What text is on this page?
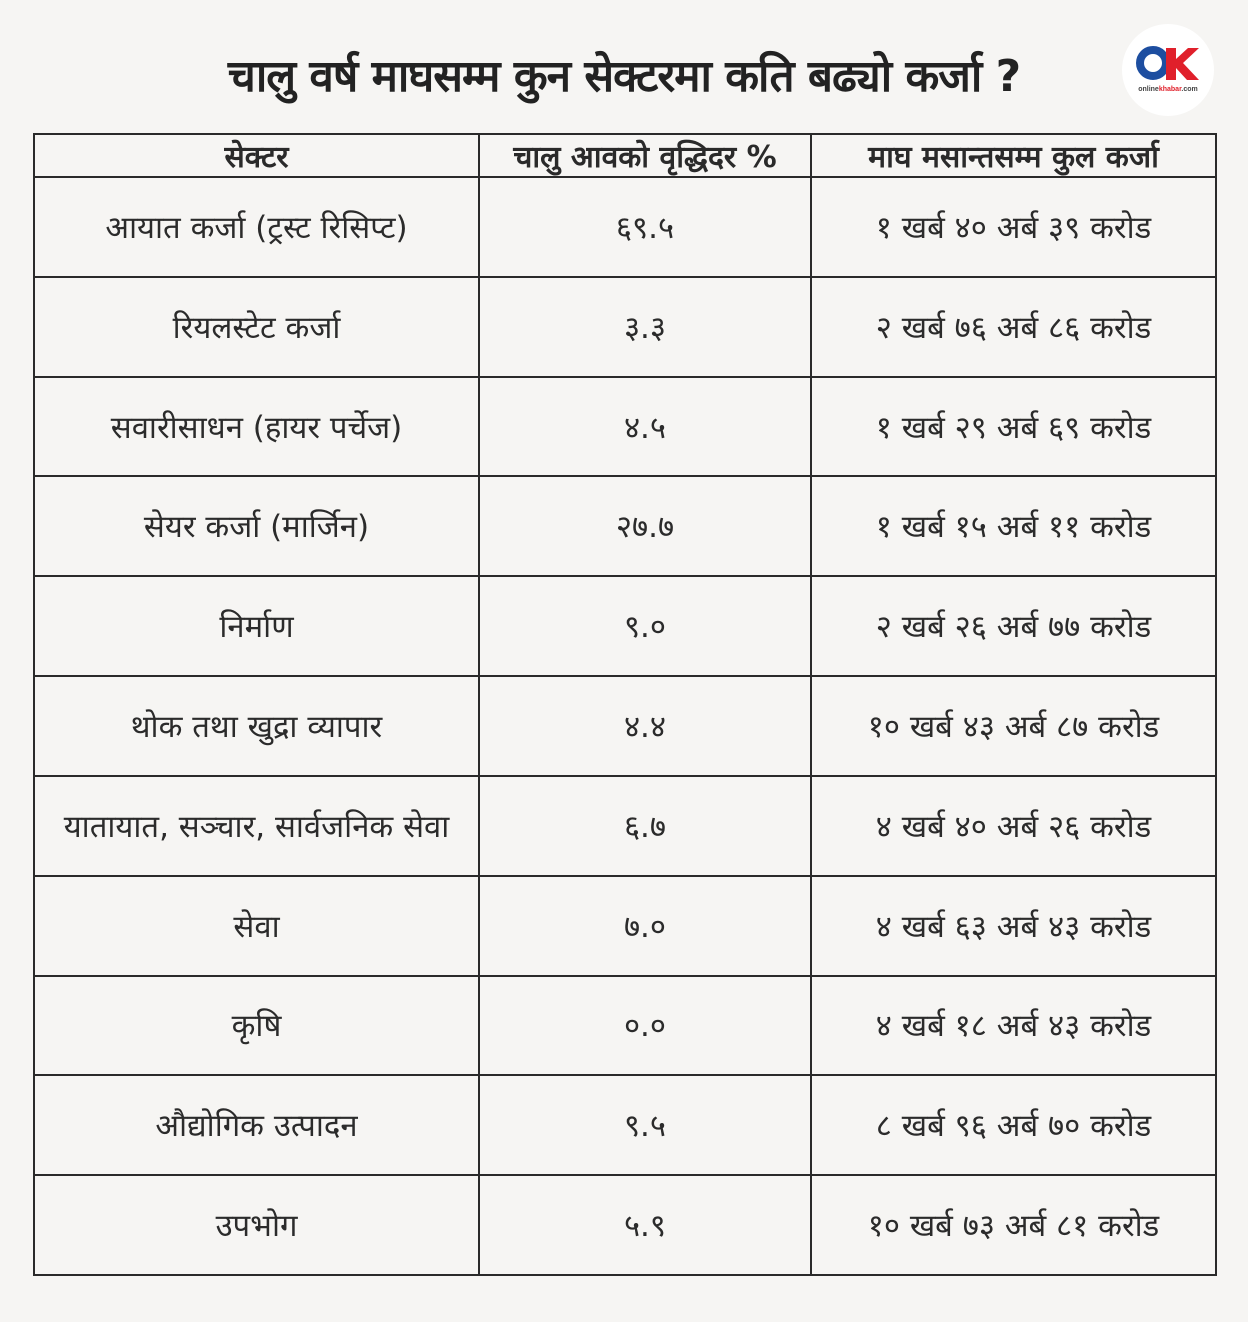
चालु वर्ष माघसम्म कुन सेक्टरमा कति बढ्यो कर्जा ?	onlinekhabar.com
सेक्टर	चालु आवको वृद्धिदर %	माघ मसान्तसम्म कुल कर्जा
आयात कर्जा (ट्रस्ट रिसिप्ट)	६९.५	१ खर्ब ४० अर्ब ३९ करोड
रियलस्टेट कर्जा	३.३	२ खर्ब ७६ अर्ब ८६ करोड
सवारीसाधन (हायर पर्चेज)	४.५	१ खर्ब २९ अर्ब ६९ करोड
सेयर कर्जा (मार्जिन)	२७.७	१ खर्ब १५ अर्ब ११ करोड
निर्माण	९.०	२ खर्ब २६ अर्ब ७७ करोड
थोक तथा खुद्रा व्यापार	४.४	१० खर्ब ४३ अर्ब ८७ करोड
यातायात, सञ्चार, सार्वजनिक सेवा	६.७	४ खर्ब ४० अर्ब २६ करोड
सेवा	७.०	४ खर्ब ६३ अर्ब ४३ करोड
कृषि	०.०	४ खर्ब १८ अर्ब ४३ करोड
औद्योगिक उत्पादन	९.५	८ खर्ब ९६ अर्ब ७० करोड
उपभोग	५.९	१० खर्ब ७३ अर्ब ८१ करोड
